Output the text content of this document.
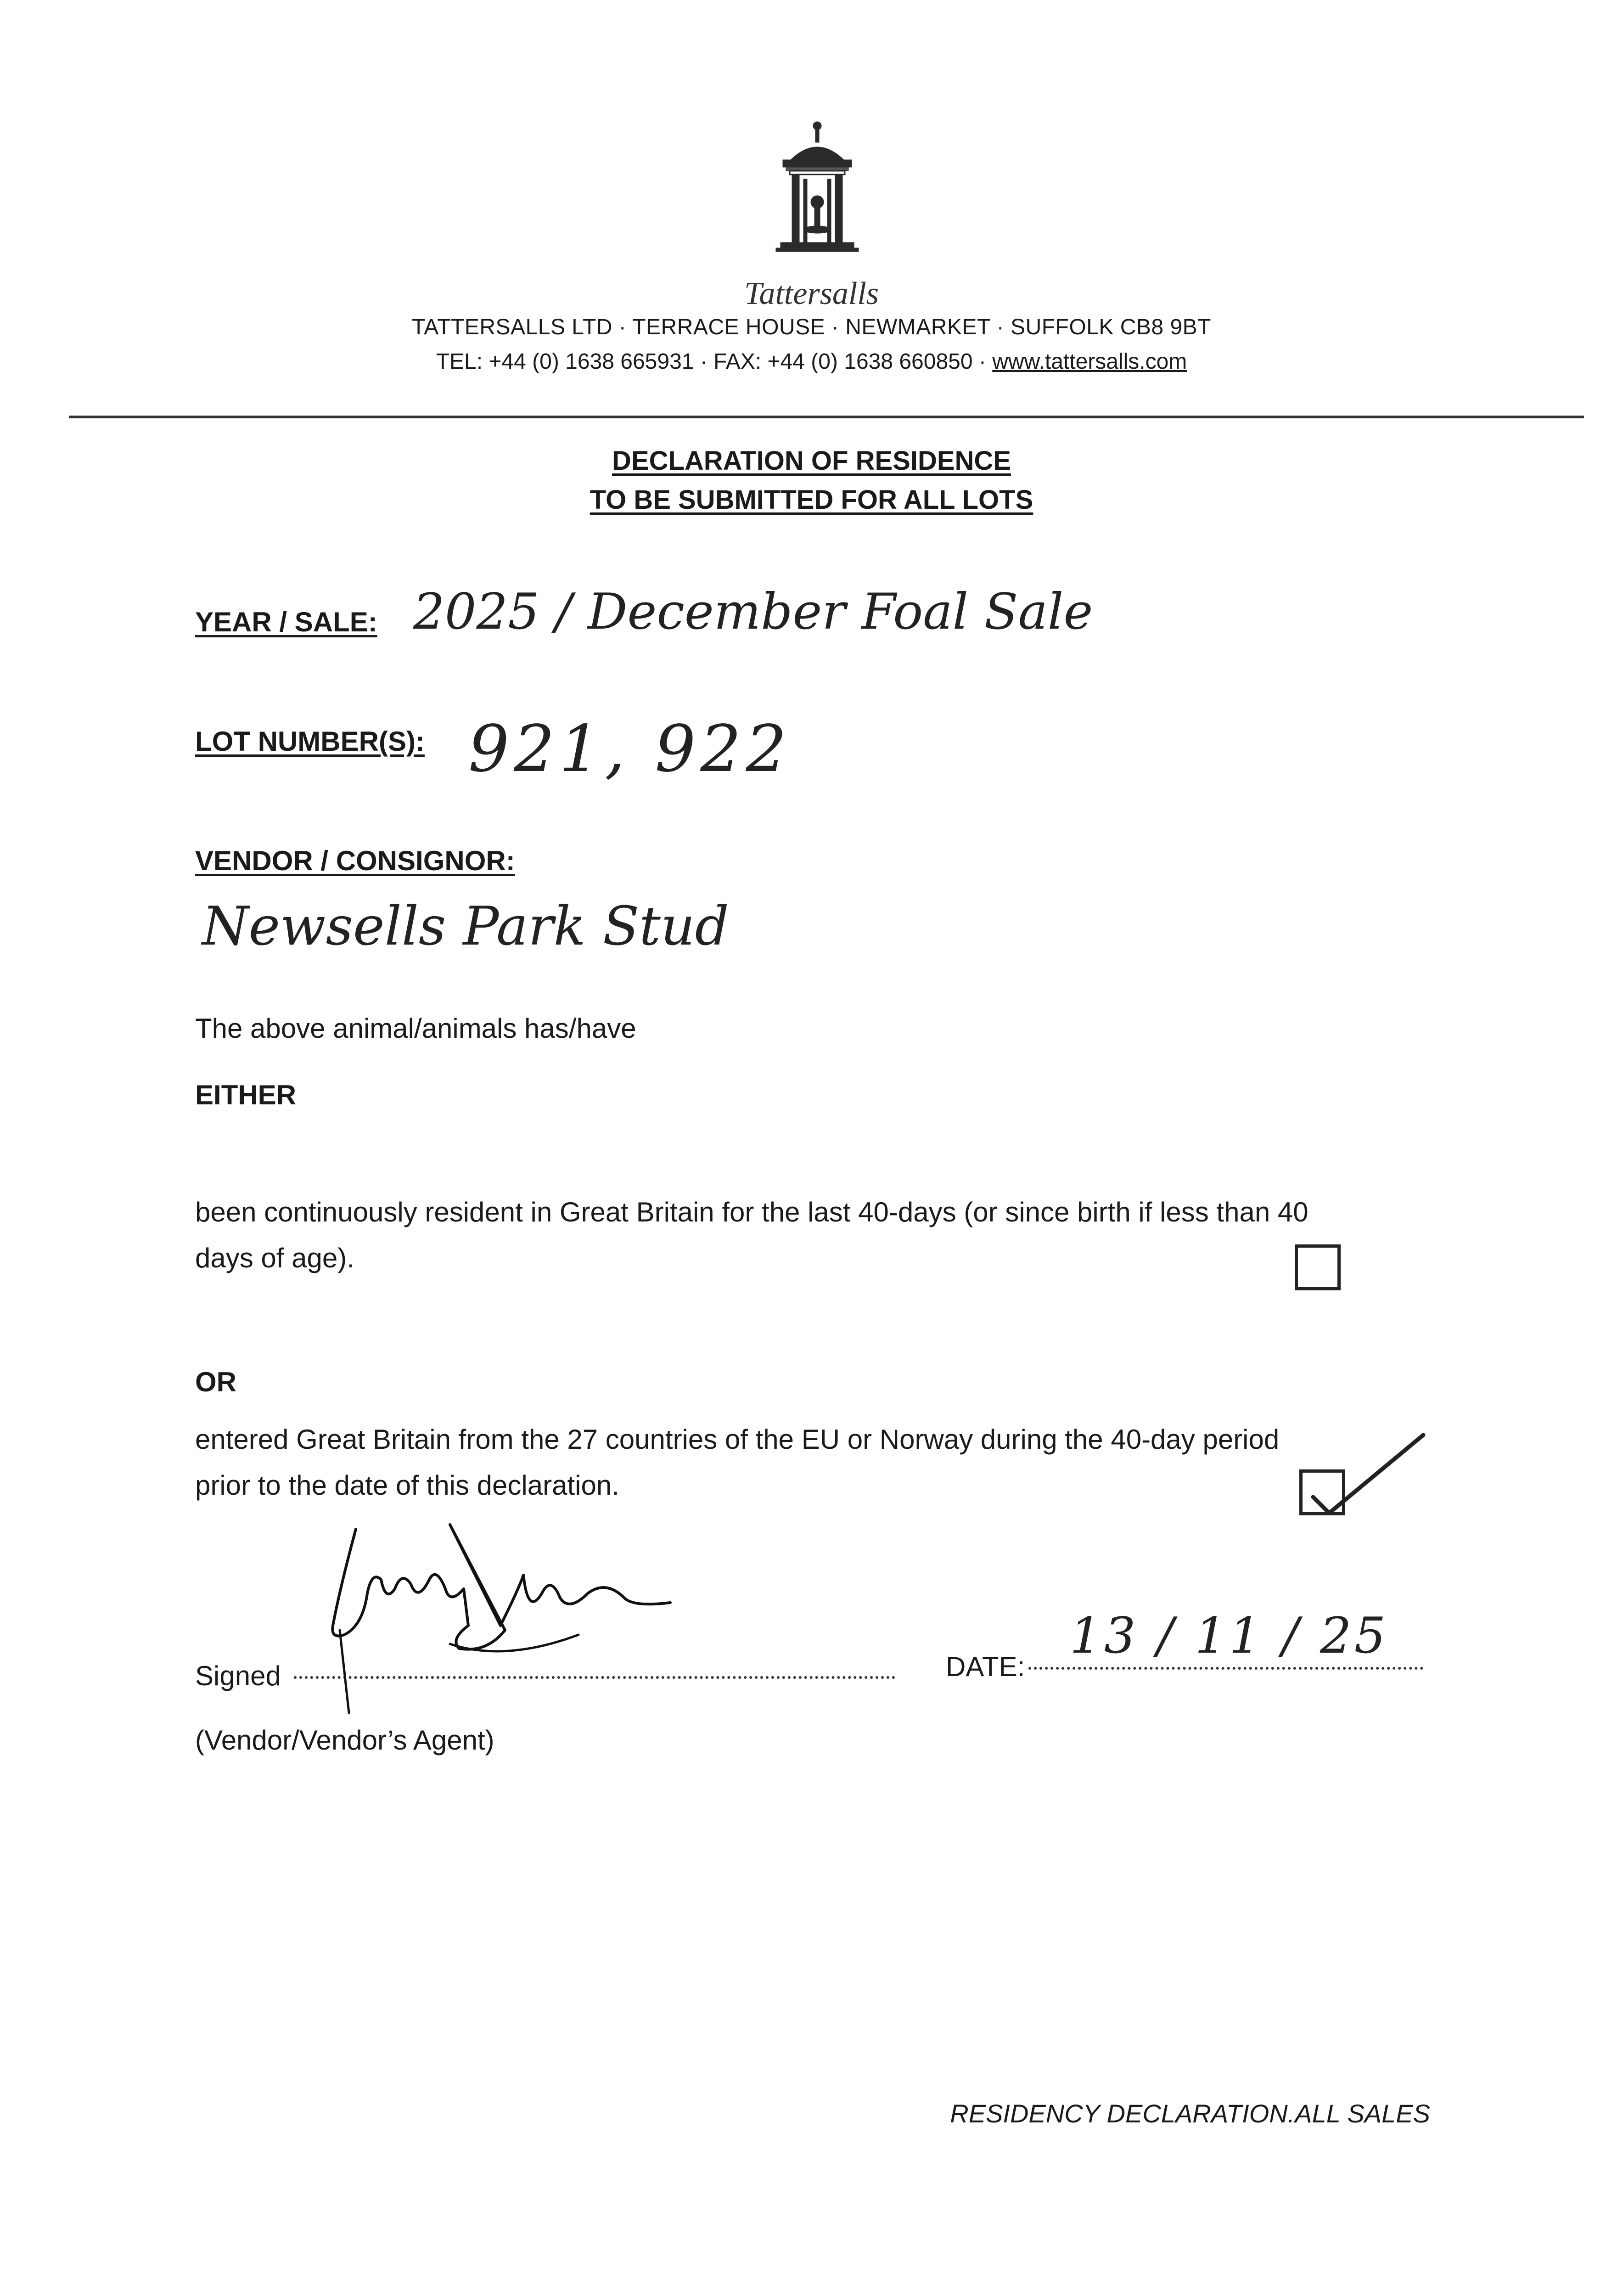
Tattersalls
TATTERSALLS LTD · TERRACE HOUSE · NEWMARKET · SUFFOLK CB8 9BT
TEL: +44 (0) 1638 665931 · FAX: +44 (0) 1638 660850 · www.tattersalls.com
DECLARATION OF RESIDENCE
TO BE SUBMITTED FOR ALL LOTS
YEAR / SALE: 2025 / December Foal Sale
LOT NUMBER(S): 921, 922
VENDOR / CONSIGNOR:
Newsells Park Stud
The above animal/animals has/have
EITHER
been continuously resident in Great Britain for the last 40-days (or since birth if less than 40
days of age).
OR
entered Great Britain from the 27 countries of the EU or Norway during the 40-day period
prior to the date of this declaration.
Signed
(Vendor/Vendor’s Agent)
DATE:
13 / 11 / 25
RESIDENCY DECLARATION.ALL SALES
